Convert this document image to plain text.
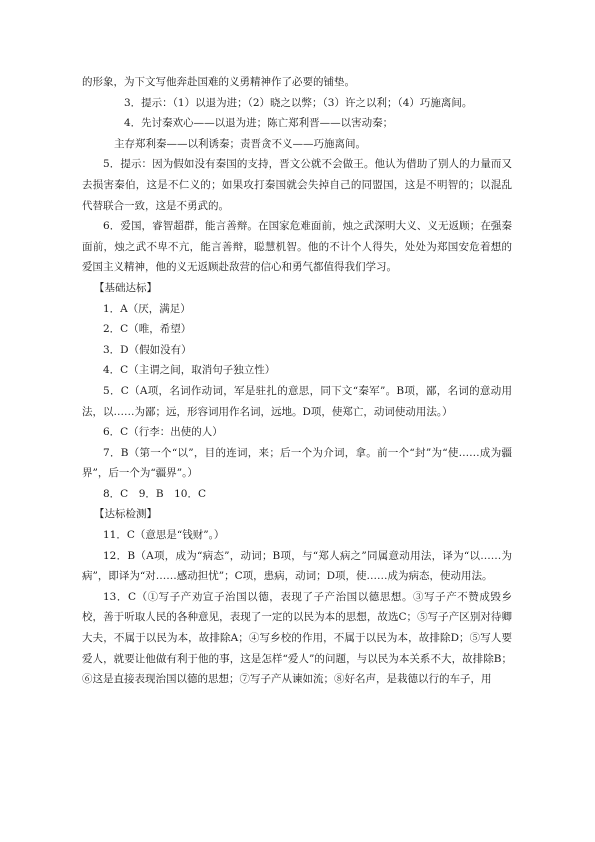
的形象，为下文写他奔赴国难的义勇精神作了必要的铺垫。

3．提示：（1）以退为进；（2）晓之以弊；（3）许之以利；（4）巧施离间。

4．先讨秦欢心——以退为进；陈亡郑利晋——以害动秦；

主存郑利秦——以利诱秦；责晋贪不义——巧施离间。

5．提示：因为假如没有秦国的支持，晋文公就不会做王。他认为借助了别人的力量而又去损害秦伯，这是不仁义的；如果攻打秦国就会失掉自己的同盟国，这是不明智的；以混乱代替联合一致，这是不勇武的。

6．爱国，睿智超群，能言善辩。在国家危难面前，烛之武深明大义、义无返顾；在强秦面前，烛之武不卑不亢，能言善辩，聪慧机智。他的不计个人得失，处处为郑国安危着想的爱国主义精神，他的义无返顾赴敌营的信心和勇气都值得我们学习。

【基础达标】

1．A（厌，满足）

2．C（唯，希望）

3．D（假如没有）

4．C（主谓之间，取消句子独立性）

5．C（A项，名词作动词，军是驻扎的意思，同下文“秦军”。B项，鄙，名词的意动用法，以……为鄙；远，形容词用作名词，远地。D项，使郑亡，动词使动用法。）

6．C（行李：出使的人）

7．B（第一个“以”，目的连词，来；后一个为介词，拿。前一个“封”为“使……成为疆界”，后一个为“疆界”。）

8．C　9．B　10．C

【达标检测】

11．C（意思是“钱财”。）

12．B（A项，成为“病态”，动词；B项，与“郑人病之”同属意动用法，译为“以……为病”，即译为“对……感动担忧”；C项，患病，动词；D项，使……成为病态，使动用法。

13．C（①写子产劝宣子治国以德，表现了子产治国以德思想。③写子产不赞成毁乡校，善于听取人民的各种意见，表现了一定的以民为本的思想，故选C；⑤写子产区别对待卿大夫，不属于以民为本，故排除A；④写乡校的作用，不属于以民为本，故排除D；⑤写人要爱人，就要让他做有利于他的事，这是怎样“爱人”的问题，与以民为本关系不大，故排除B；⑥这是直接表现治国以德的思想；⑦写子产从谏如流；⑧好名声，是栽德以行的车子，用
